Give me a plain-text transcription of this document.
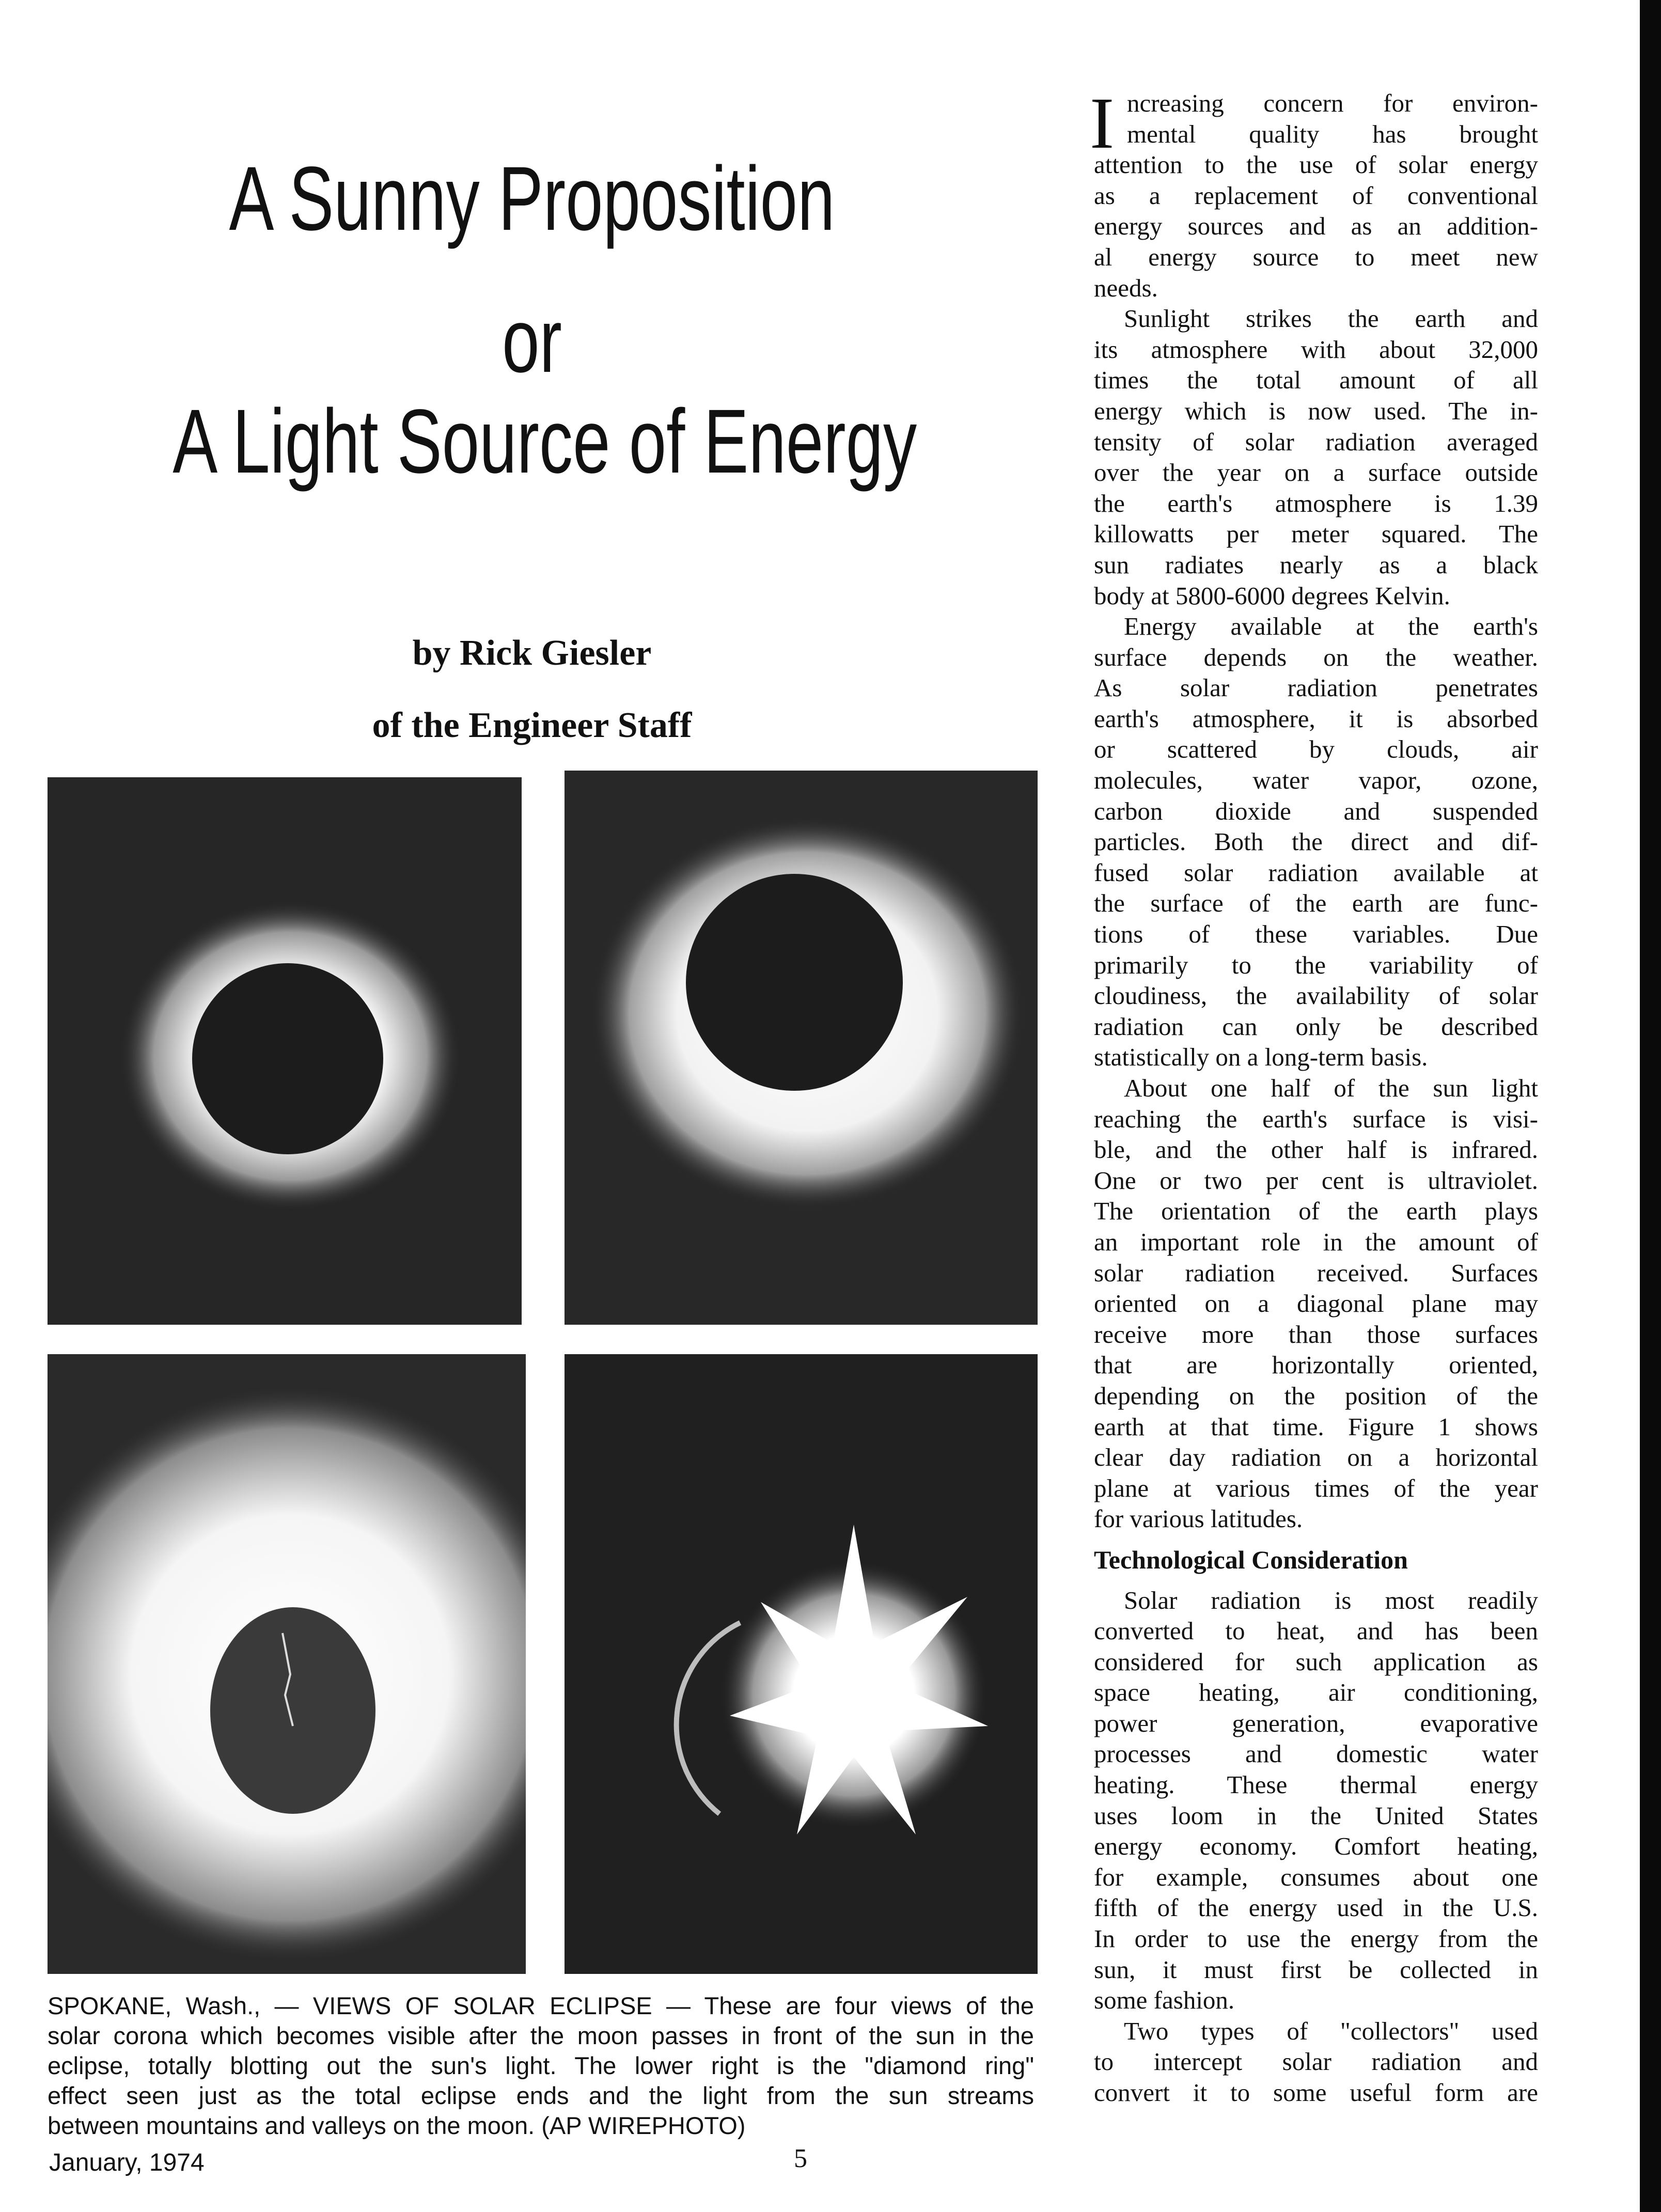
A Sunny Proposition
or
A Light Source of Energy
by Rick Giesler
of the Engineer Staff
SPOKANE, Wash., — VIEWS OF SOLAR ECLIPSE — These are four views of the
solar corona which becomes visible after the moon passes in front of the sun in the
eclipse, totally blotting out the sun's light. The lower right is the "diamond ring"
effect seen just as the total eclipse ends and the light from the sun streams
between mountains and valleys on the moon. (AP WIREPHOTO)
January, 1974	5
I ncreasing concern for environ-
mental quality has brought
attention to the use of solar energy
as a replacement of conventional
energy sources and as an addition-
al energy source to meet new
needs.
Sunlight strikes the earth and
its atmosphere with about 32,000
times the total amount of all
energy which is now used. The in-
tensity of solar radiation averaged
over the year on a surface outside
the earth's atmosphere is 1.39
killowatts per meter squared. The
sun radiates nearly as a black
body at 5800-6000 degrees Kelvin.
Energy available at the earth's
surface depends on the weather.
As solar radiation penetrates
earth's atmosphere, it is absorbed
or scattered by clouds, air
molecules, water vapor, ozone,
carbon dioxide and suspended
particles. Both the direct and dif-
fused solar radiation available at
the surface of the earth are func-
tions of these variables. Due
primarily to the variability of
cloudiness, the availability of solar
radiation can only be described
statistically on a long-term basis.
About one half of the sun light
reaching the earth's surface is visi-
ble, and the other half is infrared.
One or two per cent is ultraviolet.
The orientation of the earth plays
an important role in the amount of
solar radiation received. Surfaces
oriented on a diagonal plane may
receive more than those surfaces
that are horizontally oriented,
depending on the position of the
earth at that time. Figure 1 shows
clear day radiation on a horizontal
plane at various times of the year
for various latitudes.
Technological Consideration
Solar radiation is most readily
converted to heat, and has been
considered for such application as
space heating, air conditioning,
power generation, evaporative
processes and domestic water
heating. These thermal energy
uses loom in the United States
energy economy. Comfort heating,
for example, consumes about one
fifth of the energy used in the U.S.
In order to use the energy from the
sun, it must first be collected in
some fashion.
Two types of "collectors" used
to intercept solar radiation and
convert it to some useful form are
